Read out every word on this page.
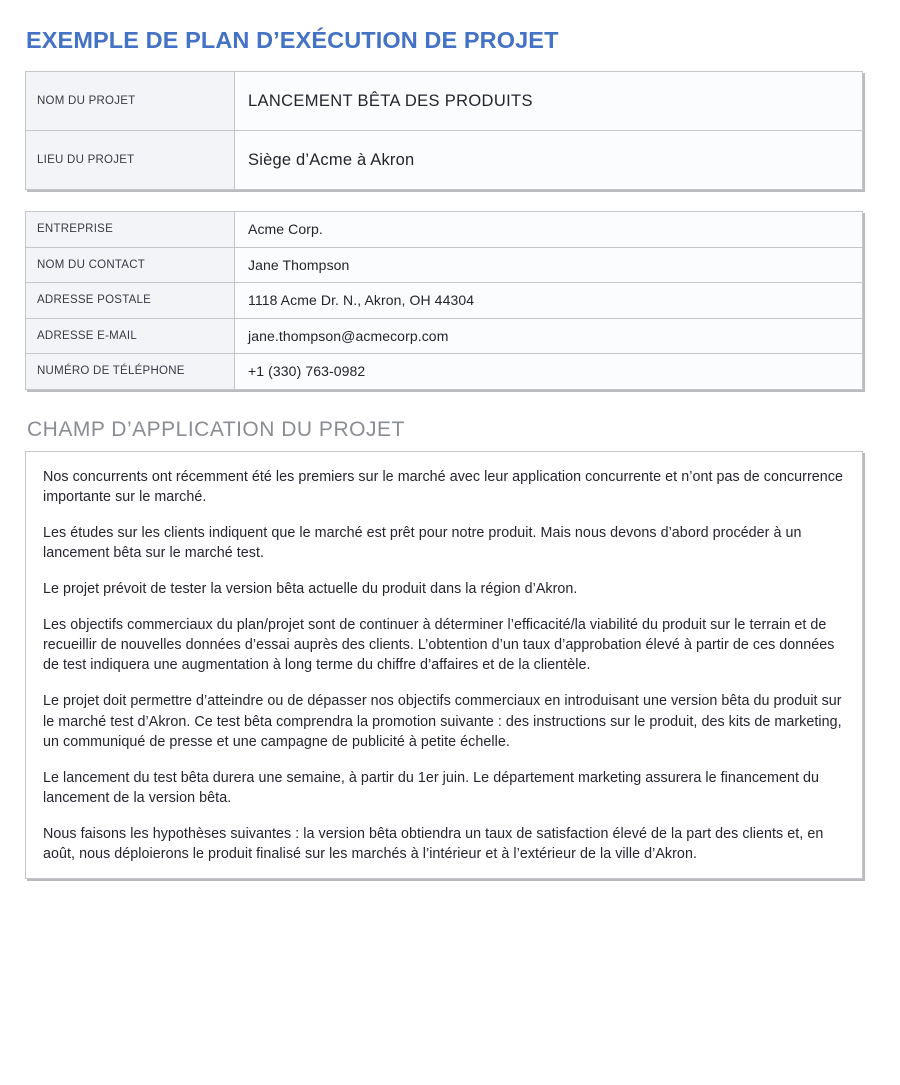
EXEMPLE DE PLAN D’EXÉCUTION DE PROJET
NOM DU PROJET	LANCEMENT BÊTA DES PRODUITS
LIEU DU PROJET	Siège d’Acme à Akron
ENTREPRISE	Acme Corp.
NOM DU CONTACT	Jane Thompson
ADRESSE POSTALE	1118 Acme Dr. N., Akron, OH 44304
ADRESSE E-MAIL	jane.thompson@acmecorp.com
NUMÉRO DE TÉLÉPHONE	+1 (330) 763-0982
CHAMP D’APPLICATION DU PROJET

Nos concurrents ont récemment été les premiers sur le marché avec leur application concurrente et n’ont pas de concurrence importante sur le marché.

Les études sur les clients indiquent que le marché est prêt pour notre produit. Mais nous devons d’abord procéder à un lancement bêta sur le marché test.

Le projet prévoit de tester la version bêta actuelle du produit dans la région d’Akron.

Les objectifs commerciaux du plan/projet sont de continuer à déterminer l’efficacité/la viabilité du produit sur le terrain et de recueillir de nouvelles données d’essai auprès des clients. L’obtention d’un taux d’approbation élevé à partir de ces données de test indiquera une augmentation à long terme du chiffre d’affaires et de la clientèle.

Le projet doit permettre d’atteindre ou de dépasser nos objectifs commerciaux en introduisant une version bêta du produit sur le marché test d’Akron. Ce test bêta comprendra la promotion suivante : des instructions sur le produit, des kits de marketing, un communiqué de presse et une campagne de publicité à petite échelle.

Le lancement du test bêta durera une semaine, à partir du 1er juin. Le département marketing assurera le financement du lancement de la version bêta.

Nous faisons les hypothèses suivantes : la version bêta obtiendra un taux de satisfaction élevé de la part des clients et, en août, nous déploierons le produit finalisé sur les marchés à l’intérieur et à l’extérieur de la ville d’Akron.
